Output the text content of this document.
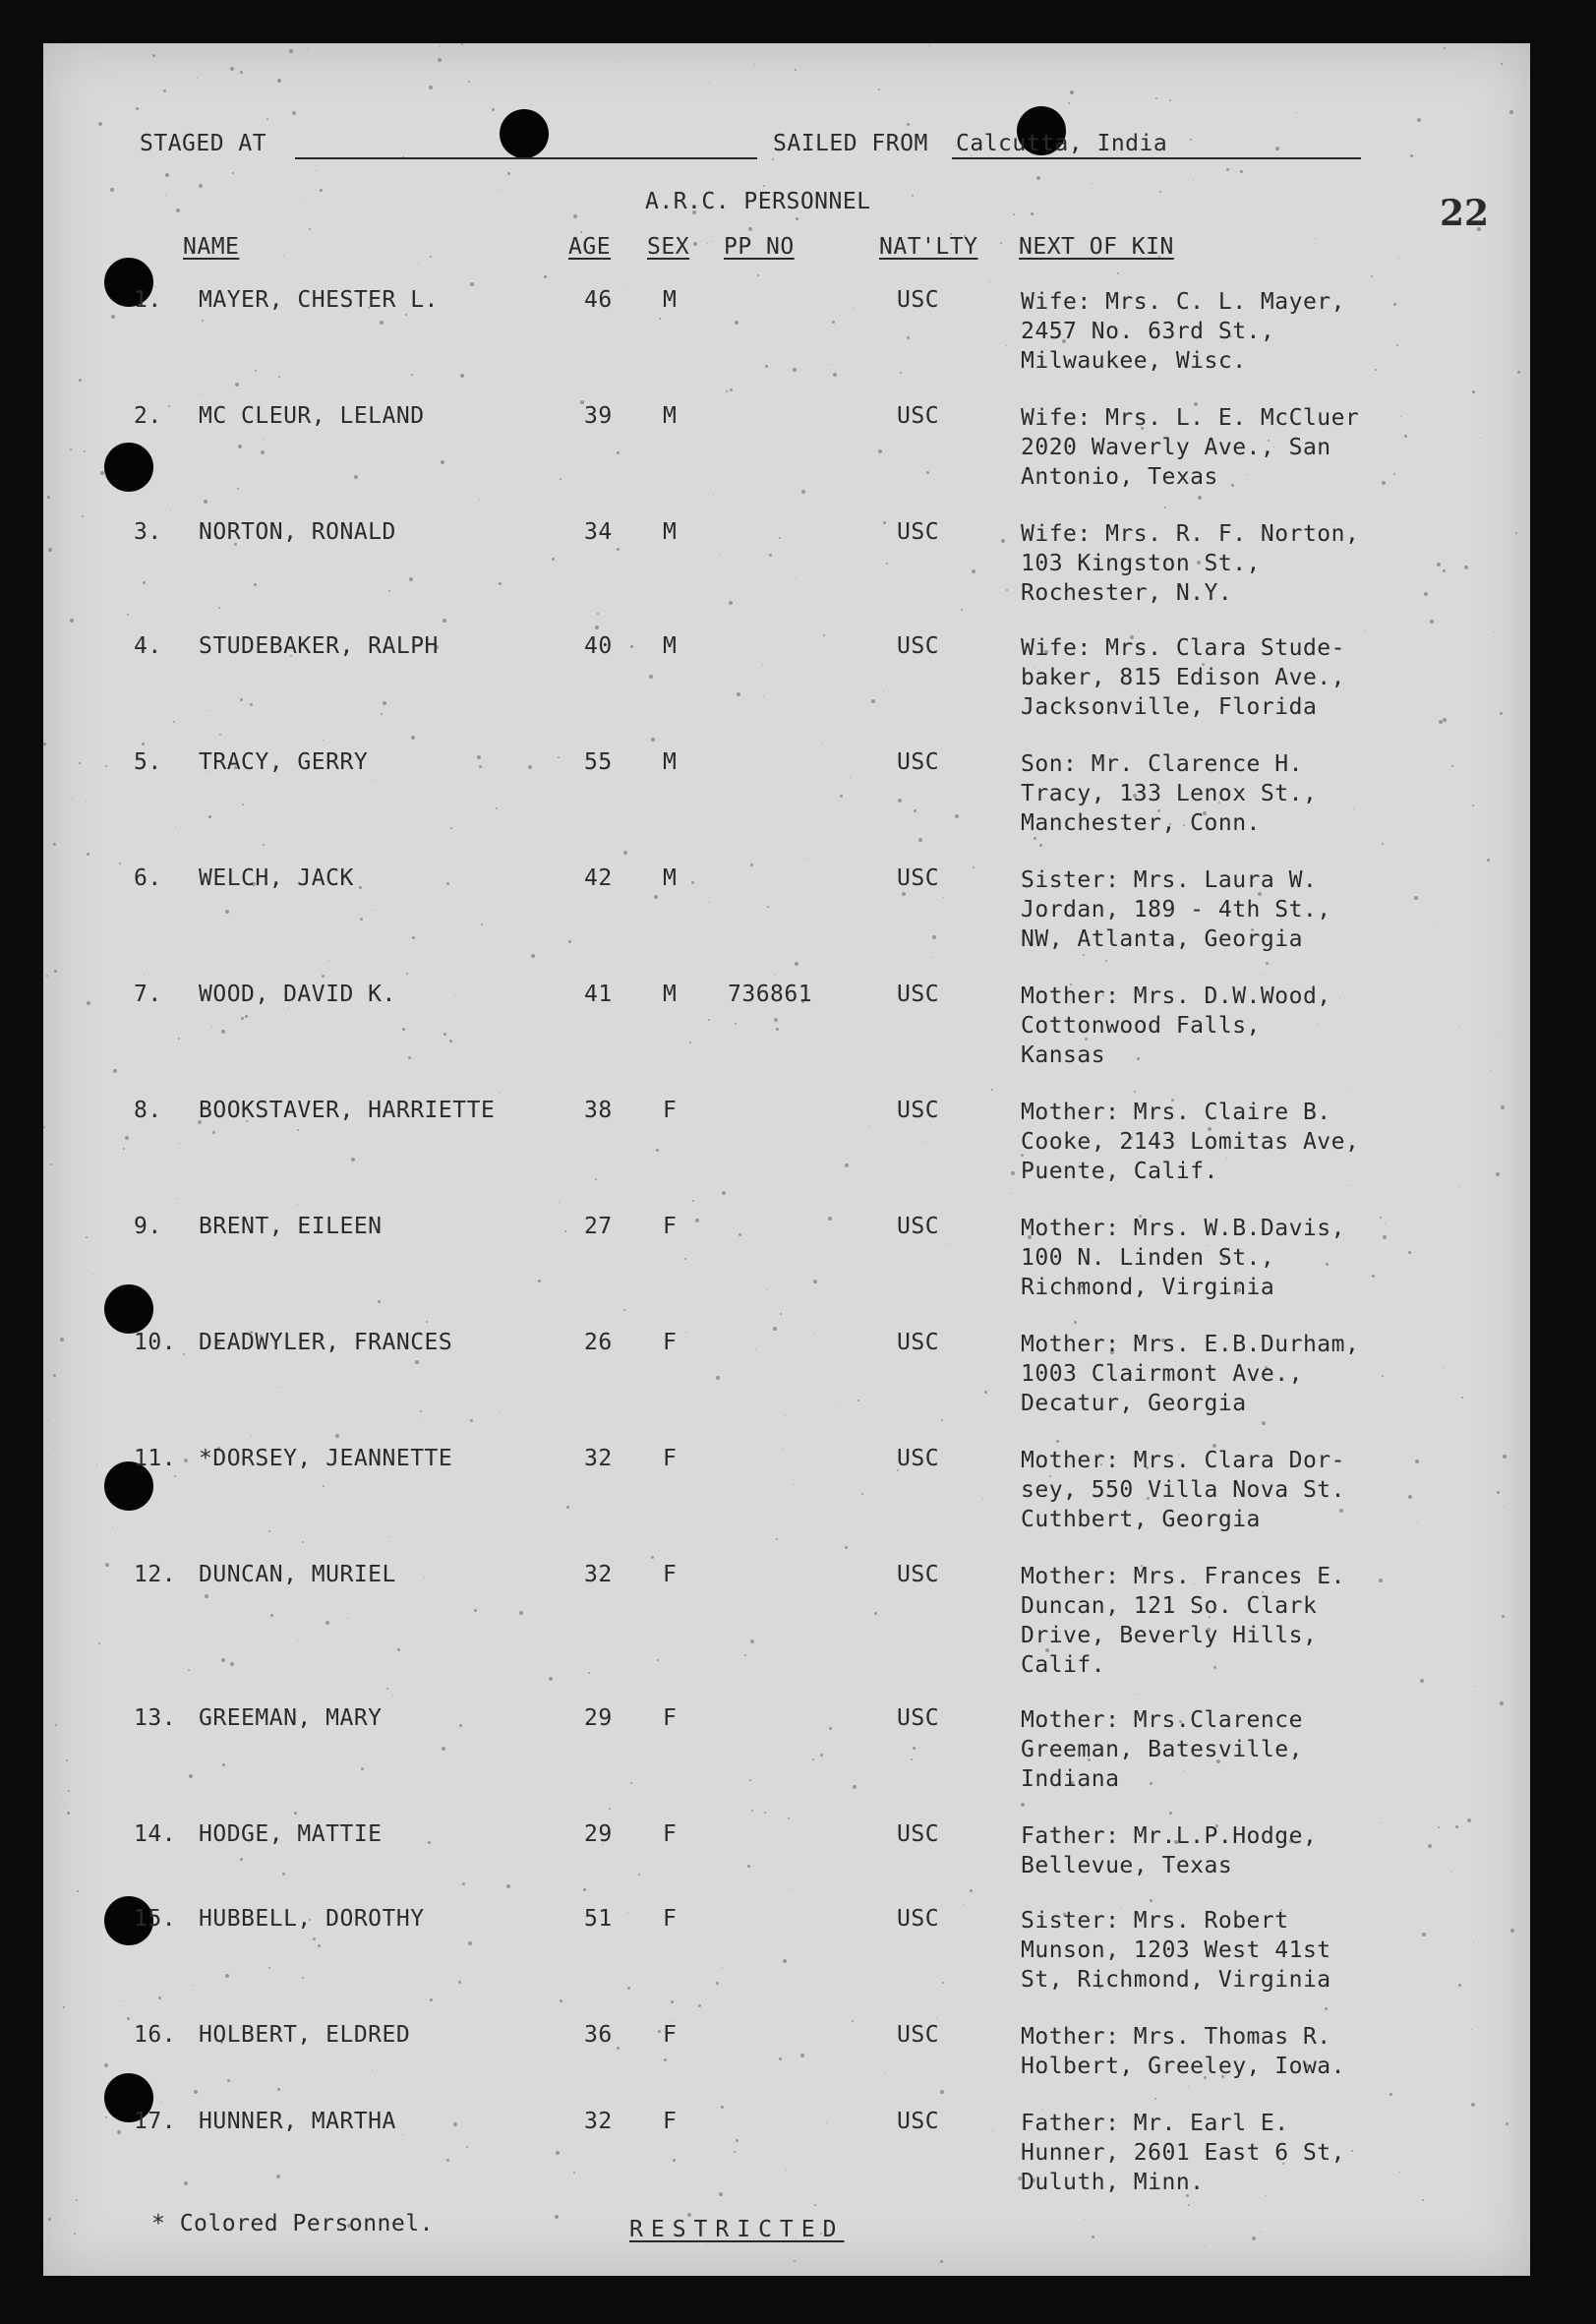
STAGED AT	SAILED FROM Calcutta, India
A.R.C. PERSONNEL	22
NAME	AGE SEX PP NO	NAT'LTY NEXT OF KIN
1. MAYER, CHESTER L.	46 M	USC	Wife: Mrs. C. L. Mayer,
2457 No. 63rd St.,
Milwaukee, Wisc.
2. MC CLEUR, LELAND	39 M	USC	Wife: Mrs. L. E. McCluer
2020 Waverly Ave., San
Antonio, Texas
3. NORTON, RONALD	34 M	USC	Wife: Mrs. R. F. Norton,
103 Kingston St.,
Rochester, N.Y.
4. STUDEBAKER, RALPH	40 M	USC	Wife: Mrs. Clara Stude-
baker, 815 Edison Ave.,
Jacksonville, Florida
5. TRACY, GERRY	55 M	USC	Son: Mr. Clarence H.
Tracy, 133 Lenox St.,
Manchester, Conn.
6. WELCH, JACK	42 M	USC	Sister: Mrs. Laura W.
Jordan, 189 - 4th St.,
NW, Atlanta, Georgia
7. WOOD, DAVID K.	41 M 736861	USC	Mother: Mrs. D.W.Wood,
Cottonwood Falls,
Kansas
8. BOOKSTAVER, HARRIETTE	38 F	USC	Mother: Mrs. Claire B.
Cooke, 2143 Lomitas Ave,
Puente, Calif.
9. BRENT, EILEEN	27 F	USC	Mother: Mrs. W.B.Davis,
100 N. Linden St.,
Richmond, Virginia
10. DEADWYLER, FRANCES	26 F	USC	Mother: Mrs. E.B.Durham,
1003 Clairmont Ave.,
Decatur, Georgia
11. *DORSEY, JEANNETTE	32 F	USC	Mother: Mrs. Clara Dor-
sey, 550 Villa Nova St.
Cuthbert, Georgia
12. DUNCAN, MURIEL	32 F	USC	Mother: Mrs. Frances E.
Duncan, 121 So. Clark
Drive, Beverly Hills,
Calif.
13. GREEMAN, MARY	29 F	USC	Mother: Mrs.Clarence
Greeman, Batesville,
Indiana
14. HODGE, MATTIE	29 F	USC	Father: Mr.L.P.Hodge,
Bellevue, Texas
15. HUBBELL, DOROTHY	51 F	USC	Sister: Mrs. Robert
Munson, 1203 West 41st
St, Richmond, Virginia
16. HOLBERT, ELDRED	36 F	USC	Mother: Mrs. Thomas R.
Holbert, Greeley, Iowa.
17. HUNNER, MARTHA	32 F	USC	Father: Mr. Earl E.
Hunner, 2601 East 6 St,
Duluth, Minn.
* Colored Personnel.	RESTRICTED
